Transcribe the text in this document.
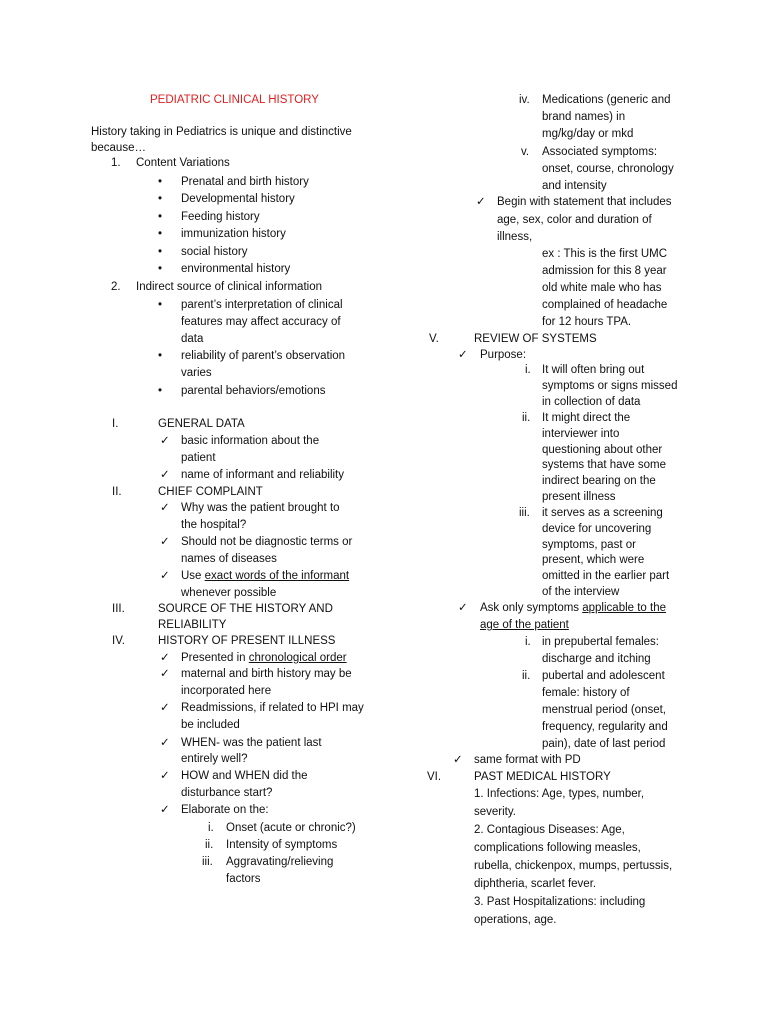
PEDIATRIC CLINICAL HISTORY
History taking in Pediatrics is unique and distinctive
because…
1. Content Variations
• Prenatal and birth history
• Developmental history
• Feeding history
• immunization history
• social history
• environmental history
2. Indirect source of clinical information
• parent’s interpretation of clinical
features may affect accuracy of
data
• reliability of parent’s observation
varies
• parental behaviors/emotions
I.	GENERAL DATA
✓ basic information about the
patient
✓ name of informant and reliability
II.	CHIEF COMPLAINT
✓ Why was the patient brought to
the hospital?
✓ Should not be diagnostic terms or
names of diseases
✓ Use exact words of the informant
whenever possible
III.	SOURCE OF THE HISTORY AND
RELIABILITY
IV.	HISTORY OF PRESENT ILLNESS
✓ Presented in chronological order
✓ maternal and birth history may be
incorporated here
✓ Readmissions, if related to HPI may
be included
✓ WHEN- was the patient last
entirely well?
✓ HOW and WHEN did the
disturbance start?
✓ Elaborate on the:
i. Onset (acute or chronic?)
ii. Intensity of symptoms
iii. Aggravating/relieving
factors
iv. Medications (generic and
brand names) in
mg/kg/day or mkd
v. Associated symptoms:
onset, course, chronology
and intensity
✓ Begin with statement that includes
age, sex, color and duration of
illness,
ex : This is the first UMC
admission for this 8 year
old white male who has
complained of headache
for 12 hours TPA.
V.	REVIEW OF SYSTEMS
✓ Purpose:
i. It will often bring out
symptoms or signs missed
in collection of data
ii. It might direct the
interviewer into
questioning about other
systems that have some
indirect bearing on the
present illness
iii. it serves as a screening
device for uncovering
symptoms, past or
present, which were
omitted in the earlier part
of the interview
✓ Ask only symptoms applicable to the
age of the patient
i. in prepubertal females:
discharge and itching
ii. pubertal and adolescent
female: history of
menstrual period (onset,
frequency, regularity and
pain), date of last period
✓ same format with PD
VI.	PAST MEDICAL HISTORY
1. Infections: Age, types, number,
severity.
2. Contagious Diseases: Age,
complications following measles,
rubella, chickenpox, mumps, pertussis,
diphtheria, scarlet fever.
3. Past Hospitalizations: including
operations, age.
